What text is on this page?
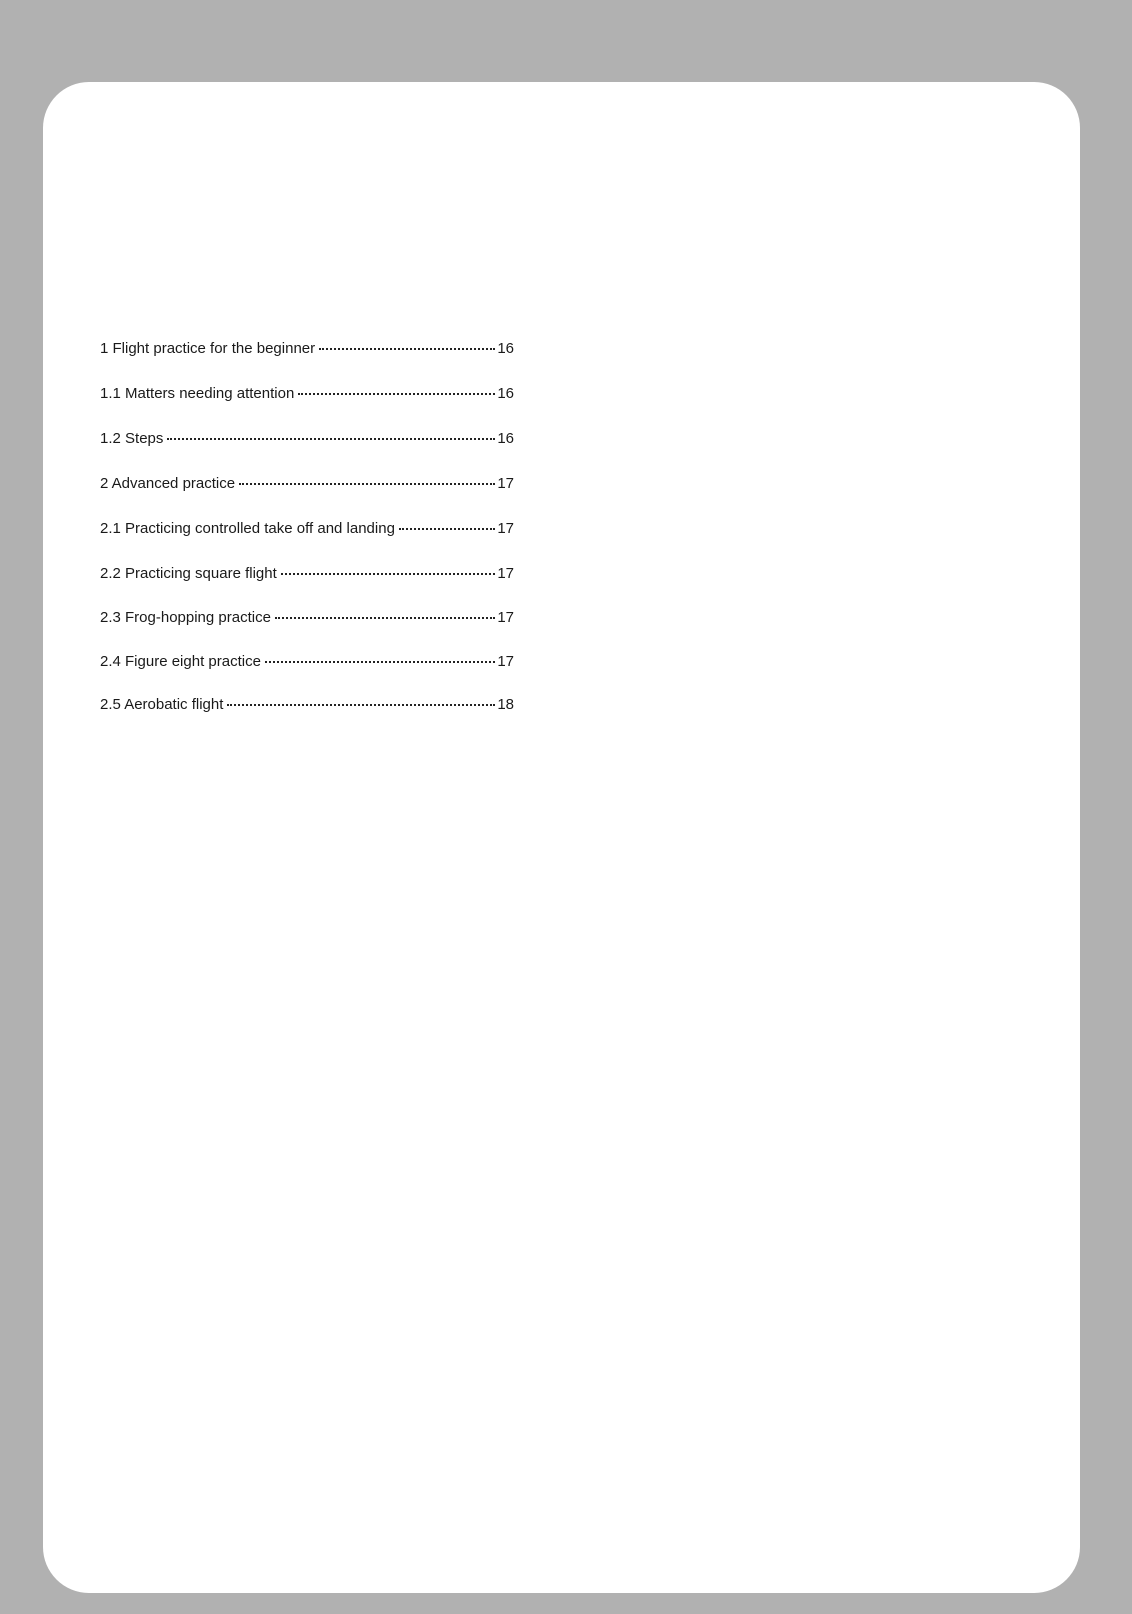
1 Flight practice for the beginner	16
1.1 Matters needing attention	16
1.2 Steps	16
2 Advanced practice	17
2.1 Practicing controlled take off and landing	17
2.2 Practicing square flight	17
2.3 Frog-hopping practice	17
2.4 Figure eight practice	17
2.5 Aerobatic flight	18
